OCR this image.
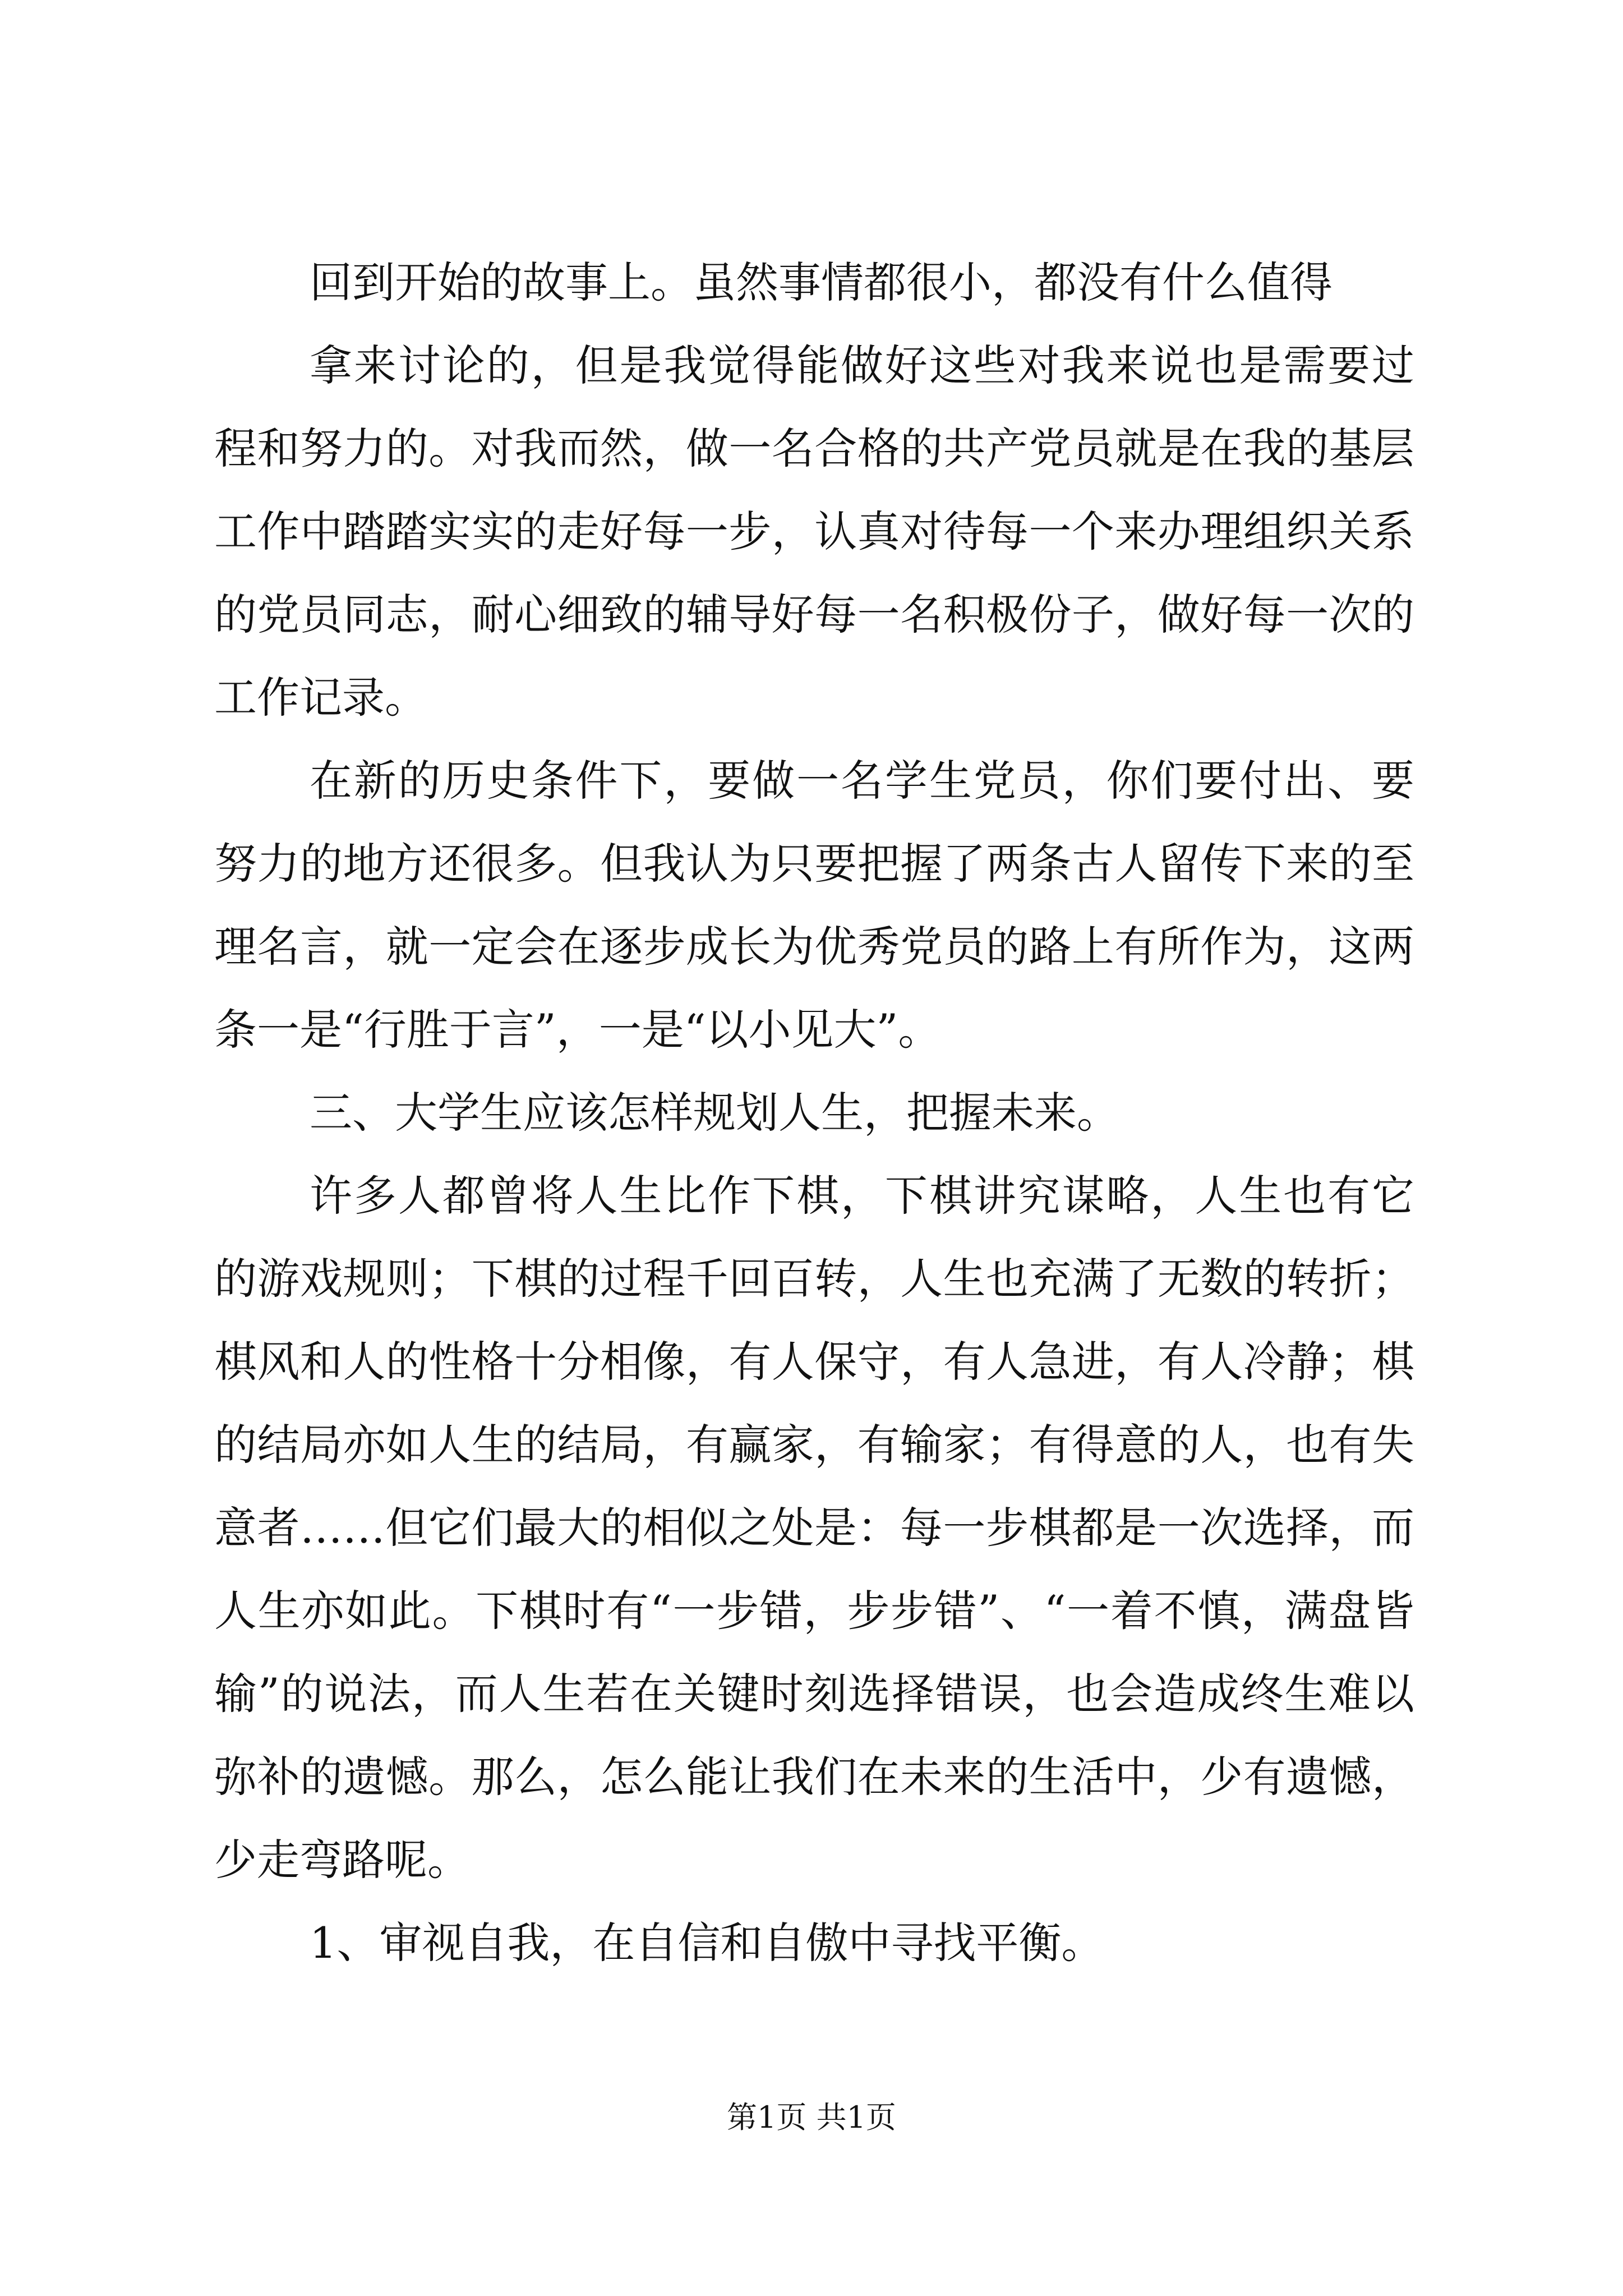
回到开始的故事上。虽然事情都很小，都没有什么值得

拿来讨论的，但是我觉得能做好这些对我来说也是需要过程和努力的。对我而然，做一名合格的共产党员就是在我的基层工作中踏踏实实的走好每一步，认真对待每一个来办理组织关系的党员同志，耐心细致的辅导好每一名积极份子，做好每一次的工作记录。

在新的历史条件下，要做一名学生党员，你们要付出、要努力的地方还很多。但我认为只要把握了两条古人留传下来的至理名言，就一定会在逐步成长为优秀党员的路上有所作为，这两条一是“行胜于言”，一是“以小见大”。

三、大学生应该怎样规划人生，把握未来。

许多人都曾将人生比作下棋，下棋讲究谋略，人生也有它的游戏规则；下棋的过程千回百转，人生也充满了无数的转折；棋风和人的性格十分相像，有人保守，有人急进，有人冷静；棋的结局亦如人生的结局，有赢家，有输家；有得意的人，也有失意者……但它们最大的相似之处是：每一步棋都是一次选择，而人生亦如此。下棋时有“一步错，步步错”、“一着不慎，满盘皆输”的说法，而人生若在关键时刻选择错误，也会造成终生难以弥补的遗憾。那么，怎么能让我们在未来的生活中，少有遗憾，少走弯路呢。

1、审视自我，在自信和自傲中寻找平衡。

第1页 共1页
